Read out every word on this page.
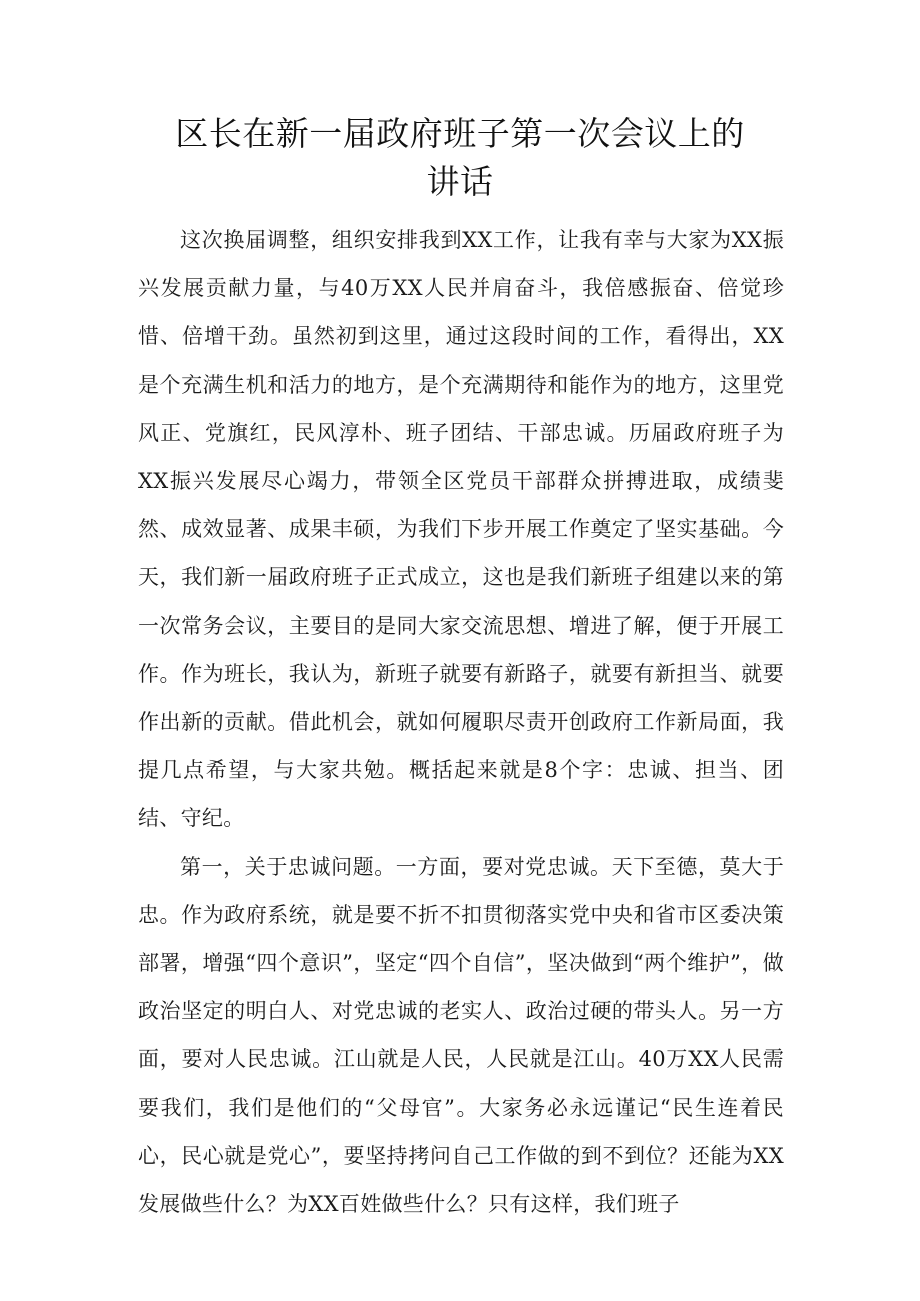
区长在新一届政府班子第一次会议上的讲话

这次换届调整，组织安排我到XX工作，让我有幸与大家为XX振兴发展贡献力量，与40万XX人民并肩奋斗，我倍感振奋、倍觉珍惜、倍增干劲。虽然初到这里，通过这段时间的工作，看得出，XX是个充满生机和活力的地方，是个充满期待和能作为的地方，这里党风正、党旗红，民风淳朴、班子团结、干部忠诚。历届政府班子为XX振兴发展尽心竭力，带领全区党员干部群众拼搏进取，成绩斐然、成效显著、成果丰硕，为我们下步开展工作奠定了坚实基础。今天，我们新一届政府班子正式成立，这也是我们新班子组建以来的第一次常务会议，主要目的是同大家交流思想、增进了解，便于开展工作。作为班长，我认为，新班子就要有新路子，就要有新担当、就要作出新的贡献。借此机会，就如何履职尽责开创政府工作新局面，我提几点希望，与大家共勉。概括起来就是8个字：忠诚、担当、团结、守纪。

第一，关于忠诚问题。一方面，要对党忠诚。天下至德，莫大于忠。作为政府系统，就是要不折不扣贯彻落实党中央和省市区委决策部署，增强“四个意识”，坚定“四个自信”，坚决做到“两个维护”，做政治坚定的明白人、对党忠诚的老实人、政治过硬的带头人。另一方面，要对人民忠诚。江山就是人民，人民就是江山。40万XX人民需要我们，我们是他们的“父母官”。大家务必永远谨记“民生连着民心，民心就是党心”，要坚持拷问自己工作做的到不到位？还能为XX发展做些什么？为XX百姓做些什么？只有这样，我们班子
